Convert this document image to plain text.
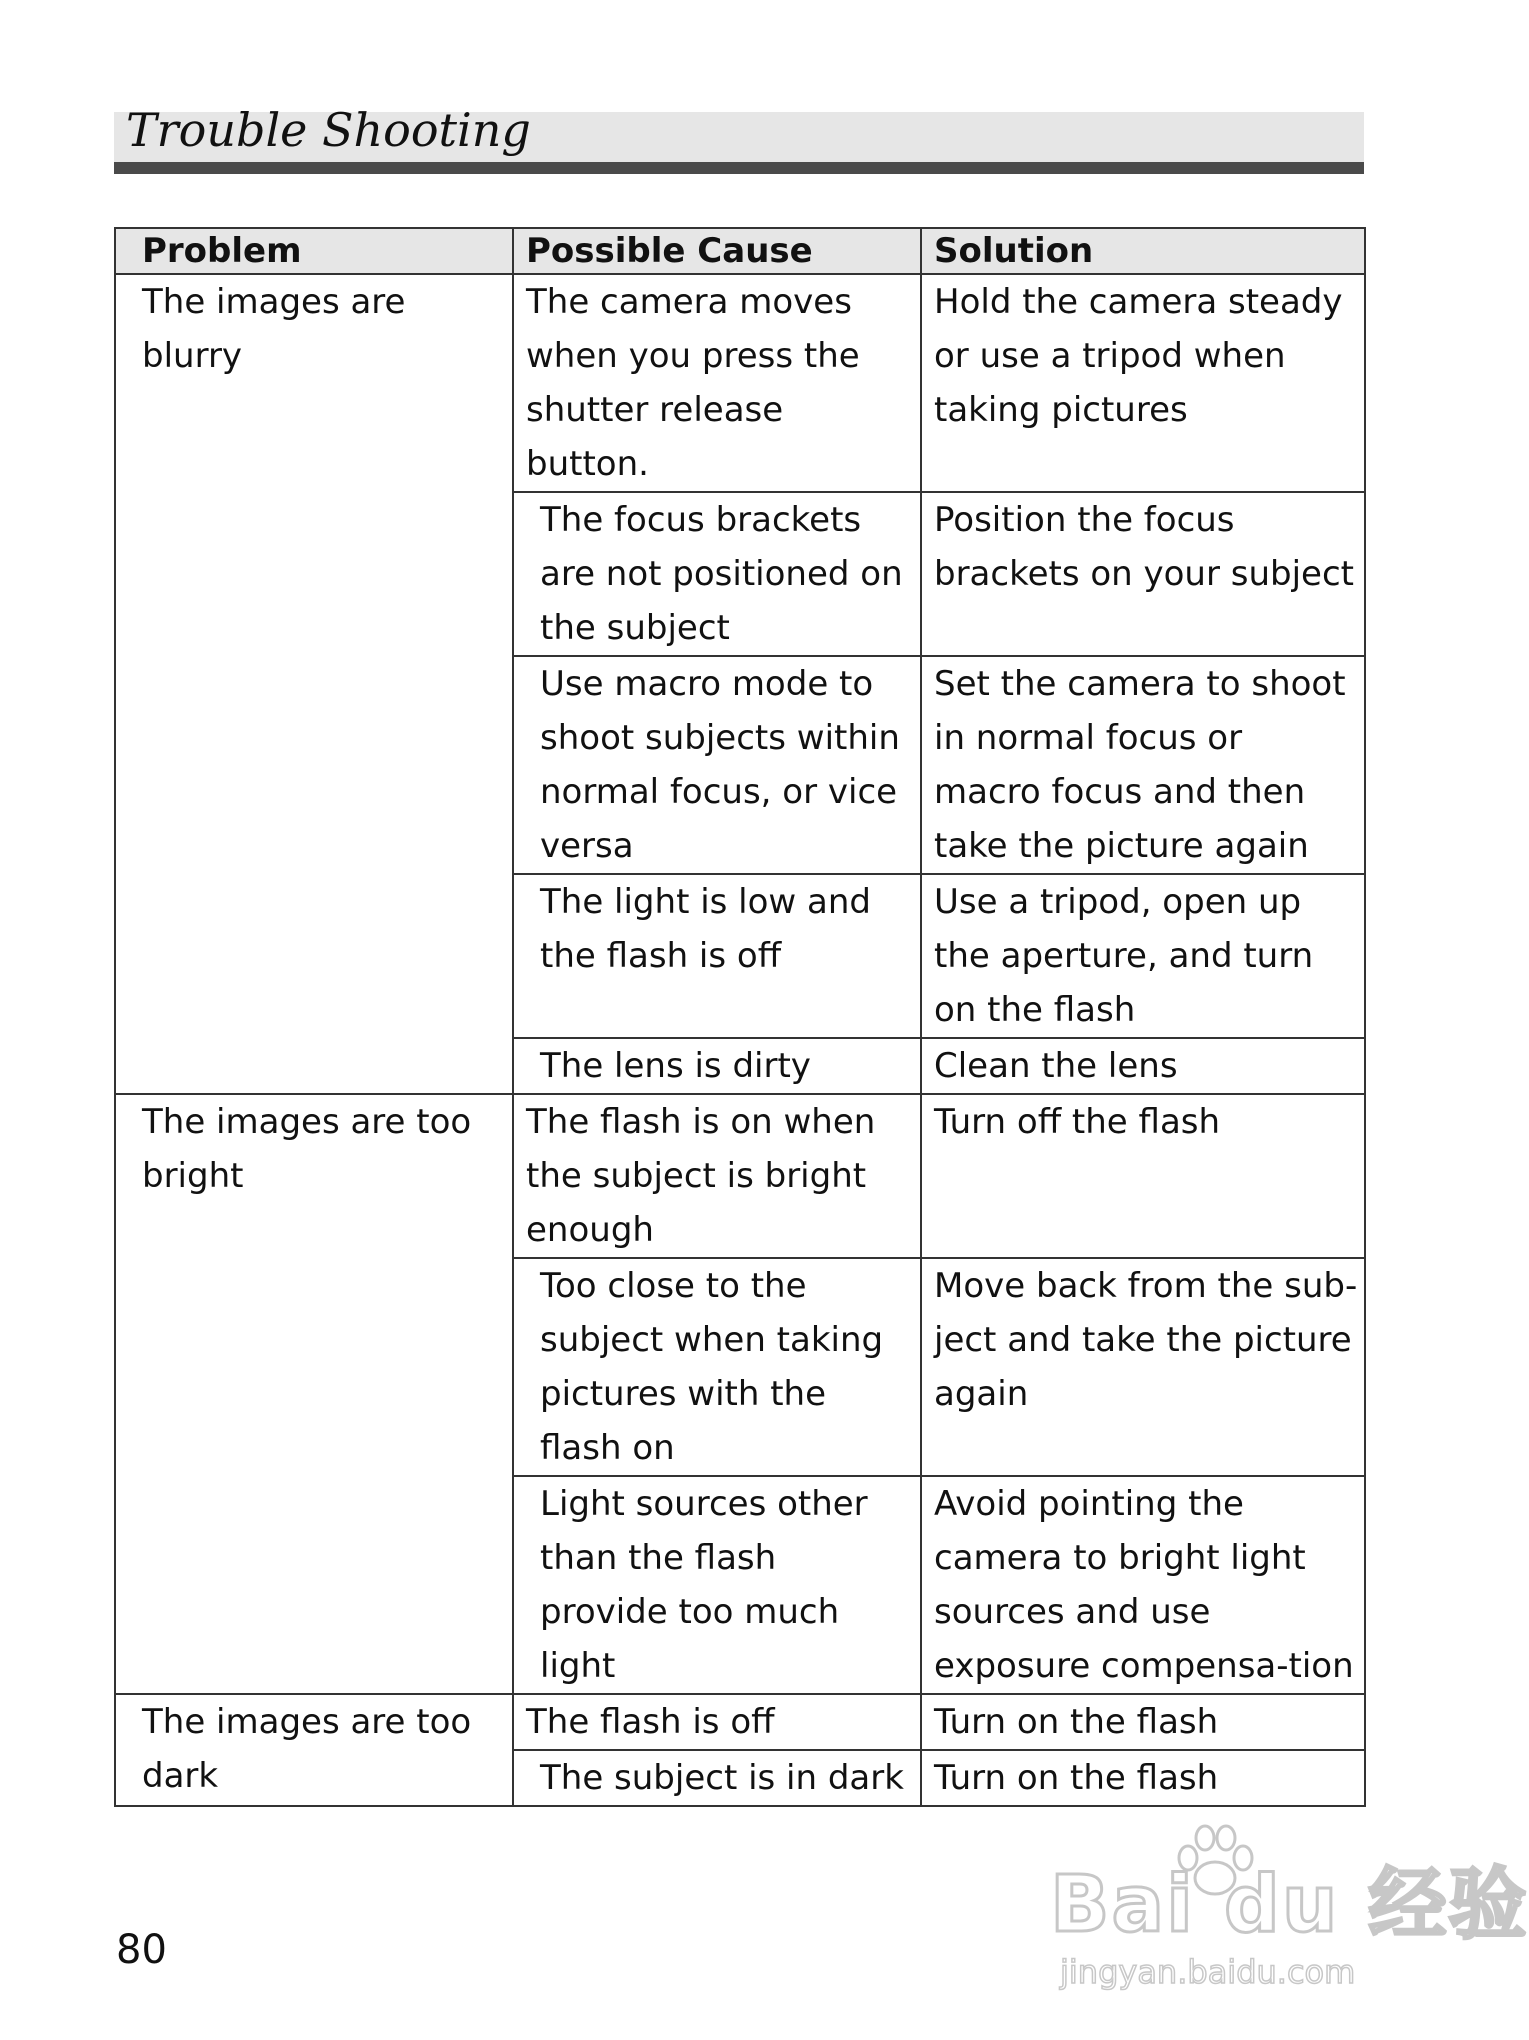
Trouble Shooting
Problem	Possible Cause	Solution
The images are blurry	The camera moves when you press the shutter release button.	Hold the camera steady or use a tripod when taking pictures
	The focus brackets are not positioned on the subject	Position the focus brackets on your subject
	Use macro mode to shoot subjects within normal focus, or vice versa	Set the camera to shoot in normal focus or macro focus and then take the picture again
	The light is low and the flash is off	Use a tripod, open up the aperture, and turn on the flash
	The lens is dirty	Clean the lens
The images are too bright	The flash is on when the subject is bright enough	Turn off the flash
	Too close to the subject when taking pictures with the flash on	Move back from the sub-ject and take the picture again
	Light sources other than the flash provide too much light	Avoid pointing the camera to bright light sources and use exposure compensa-tion
The images are too dark	The flash is off	Turn on the flash
	The subject is in dark	Turn on the flash
80	Bai du 经验
jingyan.baidu.com
